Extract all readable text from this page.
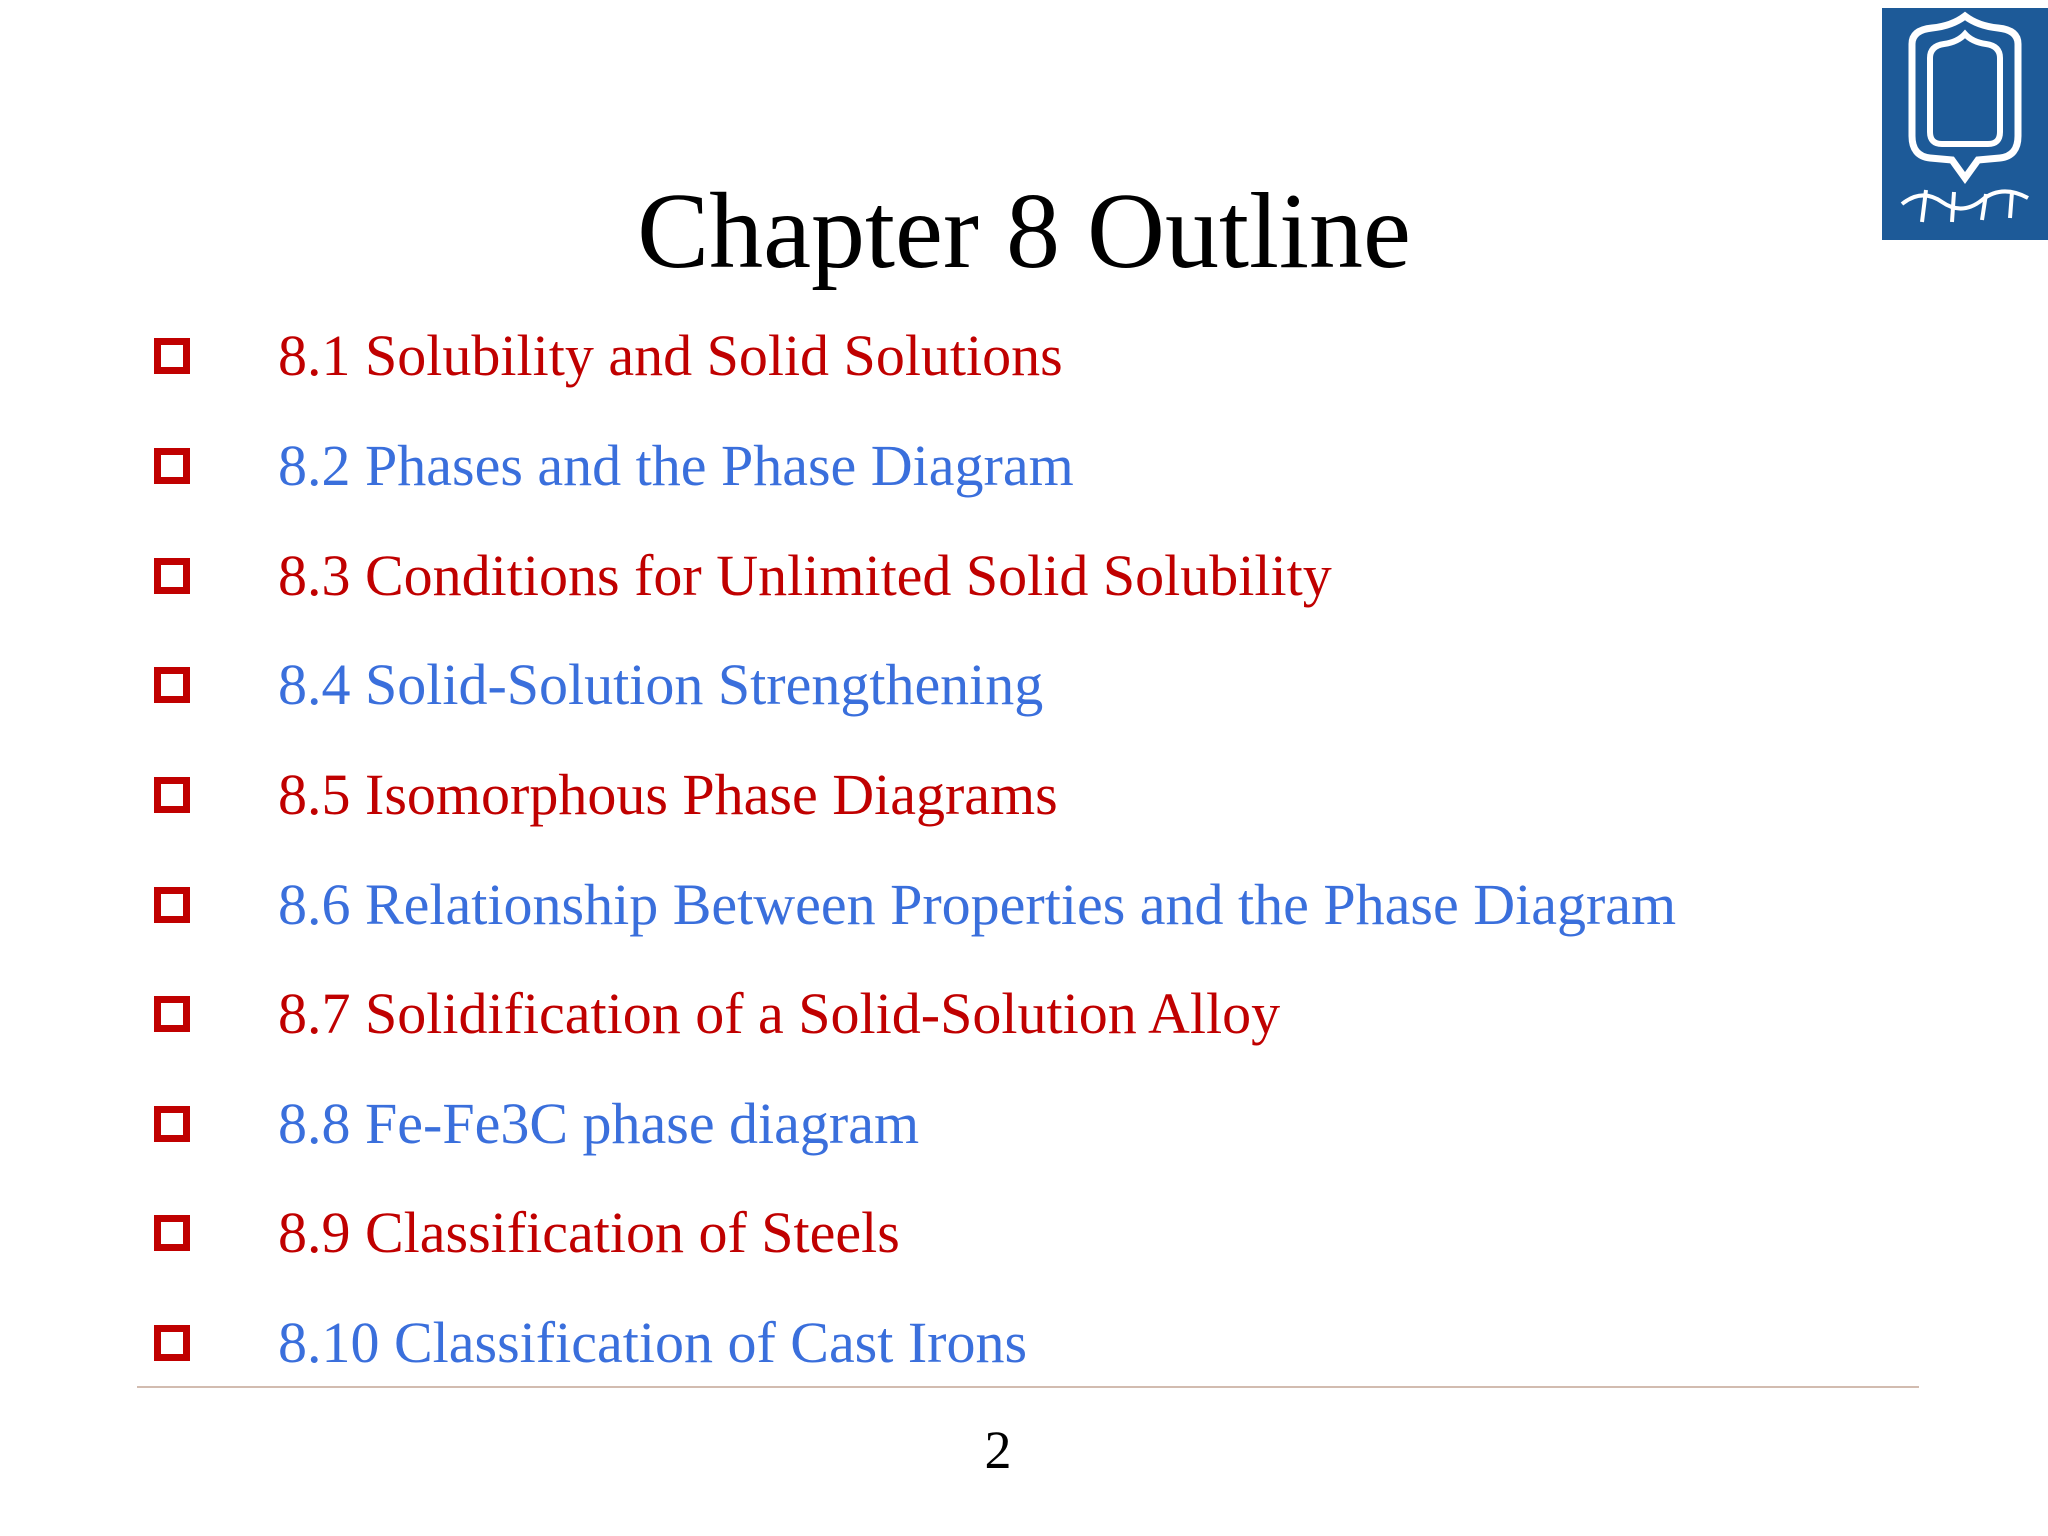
Chapter 8 Outline
8.1 Solubility and Solid Solutions
8.2 Phases and the Phase Diagram
8.3 Conditions for Unlimited Solid Solubility
8.4 Solid-Solution Strengthening
8.5 Isomorphous Phase Diagrams
8.6 Relationship Between Properties and the Phase Diagram
8.7 Solidification of a Solid-Solution Alloy
8.8 Fe-Fe3C phase diagram
8.9 Classification of Steels
8.10 Classification of Cast Irons
2
